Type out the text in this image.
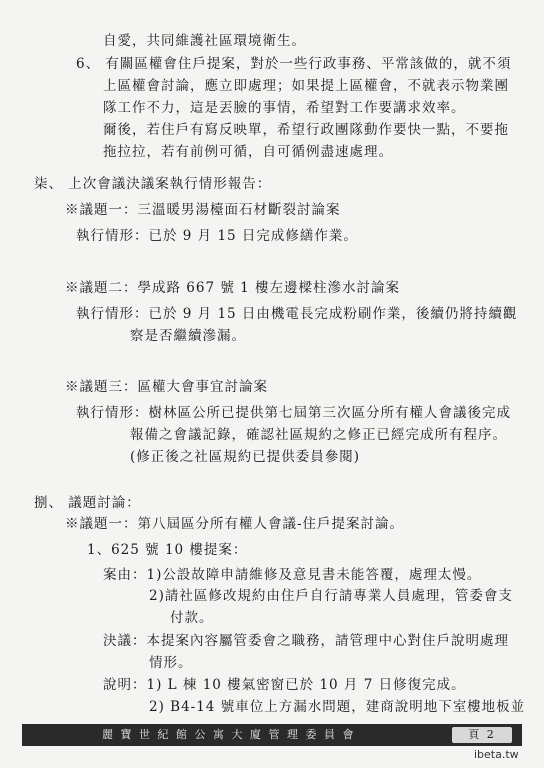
自愛，共同維護社區環境衛生。
6、 有關區權會住戶提案，對於一些行政事務、平常該做的，就不須
上區權會討論，應立即處理；如果提上區權會，不就表示物業團
隊工作不力，這是丟臉的事情，希望對工作要講求效率。
爾後，若住戶有寫反映單，希望行政團隊動作要快一點，不要拖
拖拉拉，若有前例可循，自可循例盡速處理。
柒、 上次會議決議案執行情形報告：
※議題一：三溫暖男湯檯面石材斷裂討論案
執行情形：已於 9 月 15 日完成修繕作業。
※議題二：學成路 667 號 1 樓左邊樑柱滲水討論案
執行情形：已於 9 月 15 日由機電長完成粉刷作業，後續仍將持續觀
察是否繼續滲漏。
※議題三：區權大會事宜討論案
執行情形：樹林區公所已提供第七屆第三次區分所有權人會議後完成
報備之會議記錄，確認社區規約之修正已經完成所有程序。
(修正後之社區規約已提供委員參閱)
捌、 議題討論：
※議題一：第八屆區分所有權人會議-住戶提案討論。
1、625 號 10 樓提案：
案由：1)公設故障申請維修及意見書未能答覆，處理太慢。
2)請社區修改規約由住戶自行請專業人員處理，管委會支
付款。
決議：本提案內容屬管委會之職務，請管理中心對住戶說明處理
情形。
說明：1) L 棟 10 樓氣密窗已於 10 月 7 日修復完成。
2) B4-14 號車位上方漏水問題，建商說明地下室樓地板並
麗 寶 世 紀 館 公 寓 大 廈 管 理 委 員 會	頁 2
ibeta.tw
